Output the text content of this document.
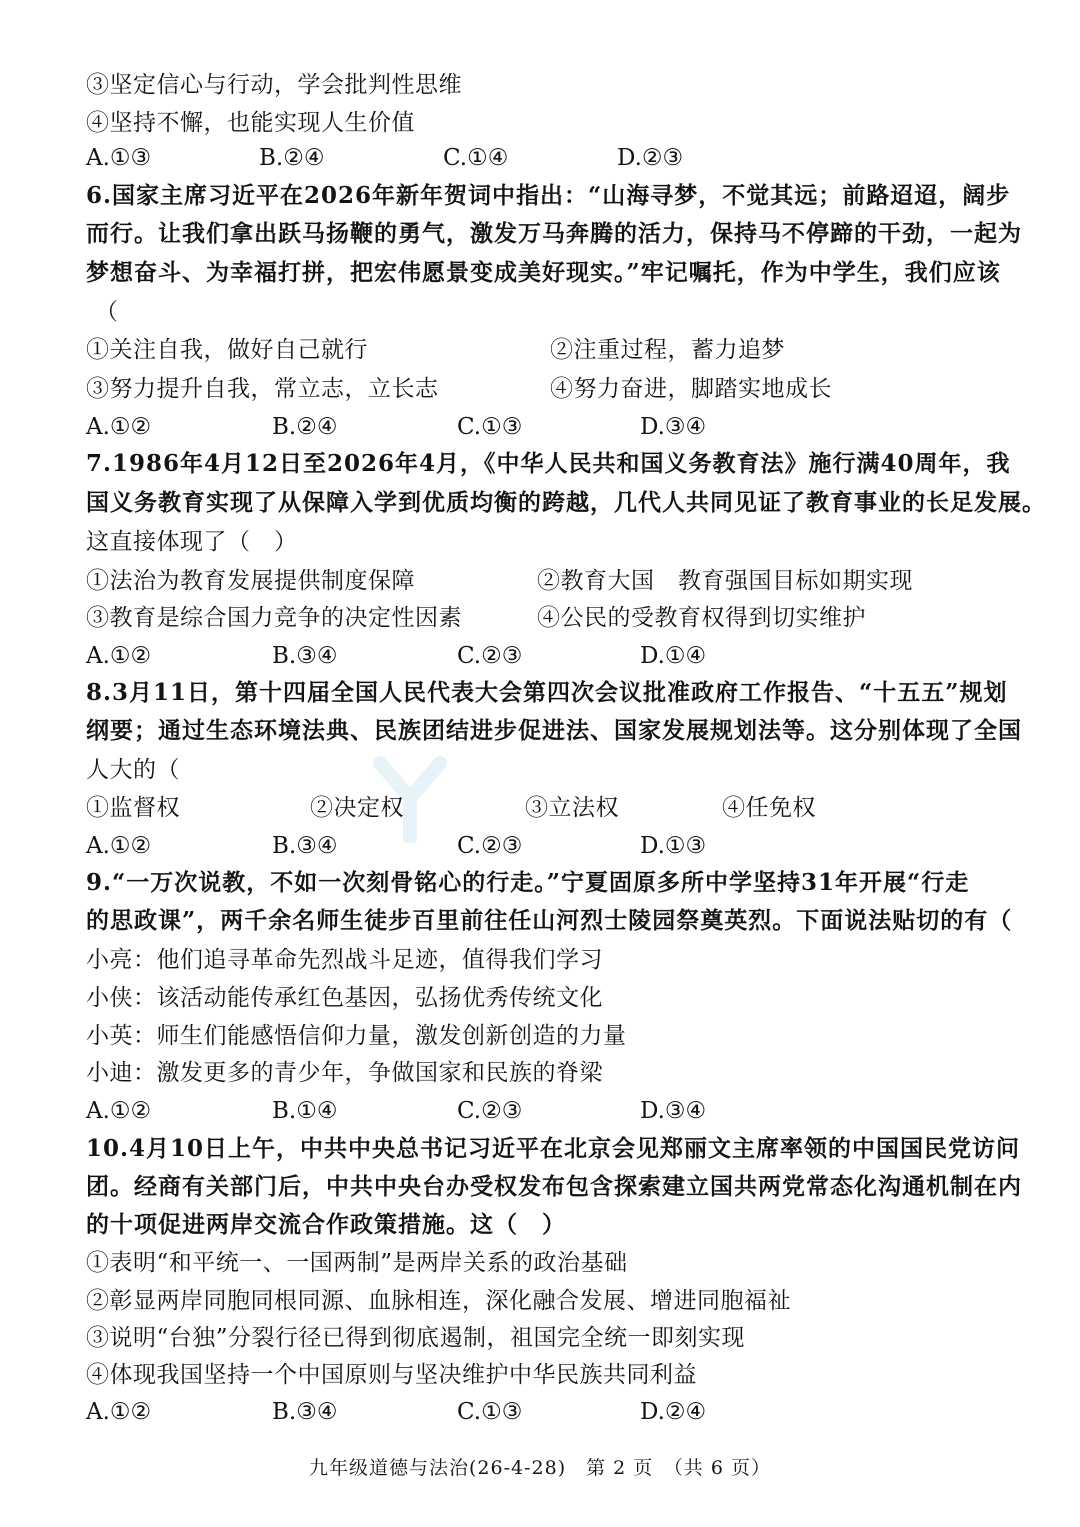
③坚定信心与行动，学会批判性思维
④坚持不懈，也能实现人生价值
A.①③	B.②④	C.①④	D.②③
6.国家主席习近平在2026年新年贺词中指出：“山海寻梦，不觉其远；前路迢迢，阔步
而行。让我们拿出跃马扬鞭的勇气，激发万马奔腾的活力，保持马不停蹄的干劲，一起为
梦想奋斗、为幸福打拼，把宏伟愿景变成美好现实。”牢记嘱托，作为中学生，我们应该
（
①关注自我，做好自己就行	②注重过程，蓄力追梦
③努力提升自我，常立志，立长志	④努力奋进，脚踏实地成长
A.①②	B.②④	C.①③	D.③④
7.1986年4月12日至2026年4月，《中华人民共和国义务教育法》施行满40周年，我
国义务教育实现了从保障入学到优质均衡的跨越，几代人共同见证了教育事业的长足发展。
这直接体现了（　）
①法治为教育发展提供制度保障	②教育大国　教育强国目标如期实现
③教育是综合国力竞争的决定性因素	④公民的受教育权得到切实维护
A.①②	B.③④	C.②③	D.①④
8.3月11日，第十四届全国人民代表大会第四次会议批准政府工作报告、“十五五”规划
纲要；通过生态环境法典、民族团结进步促进法、国家发展规划法等。这分别体现了全国
人大的（
①监督权	②决定权	③立法权	④任免权
A.①②	B.③④	C.②③	D.①③
9.“一万次说教，不如一次刻骨铭心的行走。”宁夏固原多所中学坚持31年开展“行走
的思政课”，两千余名师生徒步百里前往任山河烈士陵园祭奠英烈。下面说法贴切的有（
小亮：他们追寻革命先烈战斗足迹，值得我们学习
小侠：该活动能传承红色基因，弘扬优秀传统文化
小英：师生们能感悟信仰力量，激发创新创造的力量
小迪：激发更多的青少年，争做国家和民族的脊梁
A.①②	B.①④	C.②③	D.③④
10.4月10日上午，中共中央总书记习近平在北京会见郑丽文主席率领的中国国民党访问
团。经商有关部门后，中共中央台办受权发布包含探索建立国共两党常态化沟通机制在内
的十项促进两岸交流合作政策措施。这（　）
①表明“和平统一、一国两制”是两岸关系的政治基础
②彰显两岸同胞同根同源、血脉相连，深化融合发展、增进同胞福祉
③说明“台独”分裂行径已得到彻底遏制，祖国完全统一即刻实现
④体现我国坚持一个中国原则与坚决维护中华民族共同利益
A.①②	B.③④	C.①③	D.②④
九年级道德与法治(26-4-28)　第 2 页　（共 6 页）
